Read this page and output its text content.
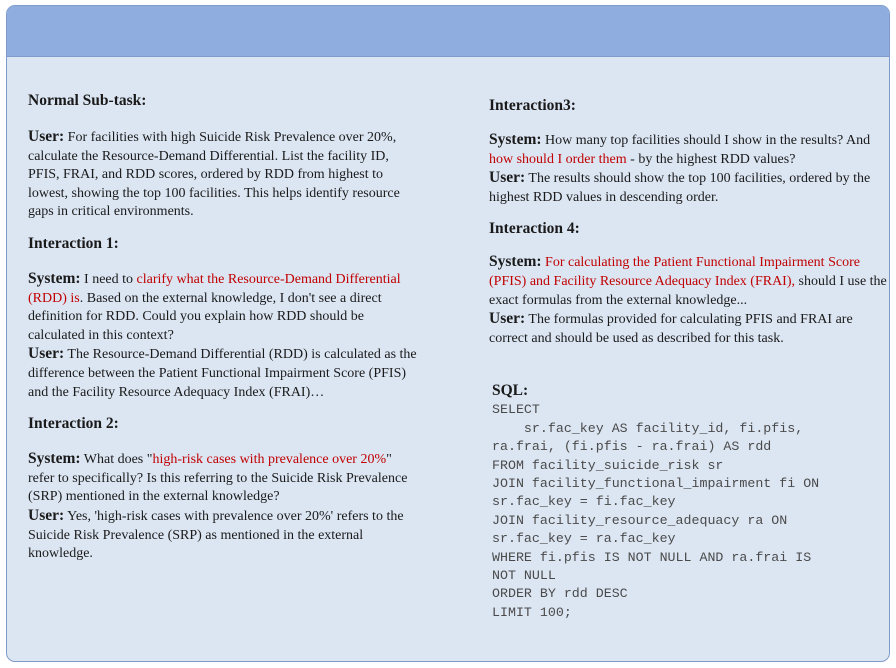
Normal Sub-task:

User: For facilities with high Suicide Risk Prevalence over 20%, calculate the Resource-Demand Differential. List the facility ID, PFIS, FRAI, and RDD scores, ordered by RDD from highest to lowest, showing the top 100 facilities. This helps identify resource gaps in critical environments.

Interaction 1:

System: I need to clarify what the Resource-Demand Differential (RDD) is. Based on the external knowledge, I don't see a direct definition for RDD. Could you explain how RDD should be calculated in this context?

User: The Resource-Demand Differential (RDD) is calculated as the difference between the Patient Functional Impairment Score (PFIS) and the Facility Resource Adequacy Index (FRAI)…

Interaction 2:

System: What does "high-risk cases with prevalence over 20%" refer to specifically? Is this referring to the Suicide Risk Prevalence (SRP) mentioned in the external knowledge?

User: Yes, 'high-risk cases with prevalence over 20%' refers to the Suicide Risk Prevalence (SRP) as mentioned in the external knowledge.

Interaction3:

System: How many top facilities should I show in the results? And how should I order them - by the highest RDD values?

User: The results should show the top 100 facilities, ordered by the highest RDD values in descending order.

Interaction 4:

System: For calculating the Patient Functional Impairment Score (PFIS) and Facility Resource Adequacy Index (FRAI), should I use the exact formulas from the external knowledge...

User: The formulas provided for calculating PFIS and FRAI are correct and should be used as described for this task.

SQL:

SELECT
sr.fac_key AS facility_id, fi.pfis,
ra.frai, (fi.pfis - ra.frai) AS rdd
FROM facility_suicide_risk sr
JOIN facility_functional_impairment fi ON
sr.fac_key = fi.fac_key
JOIN facility_resource_adequacy ra ON
sr.fac_key = ra.fac_key
WHERE fi.pfis IS NOT NULL AND ra.frai IS
NOT NULL
ORDER BY rdd DESC
LIMIT 100;
